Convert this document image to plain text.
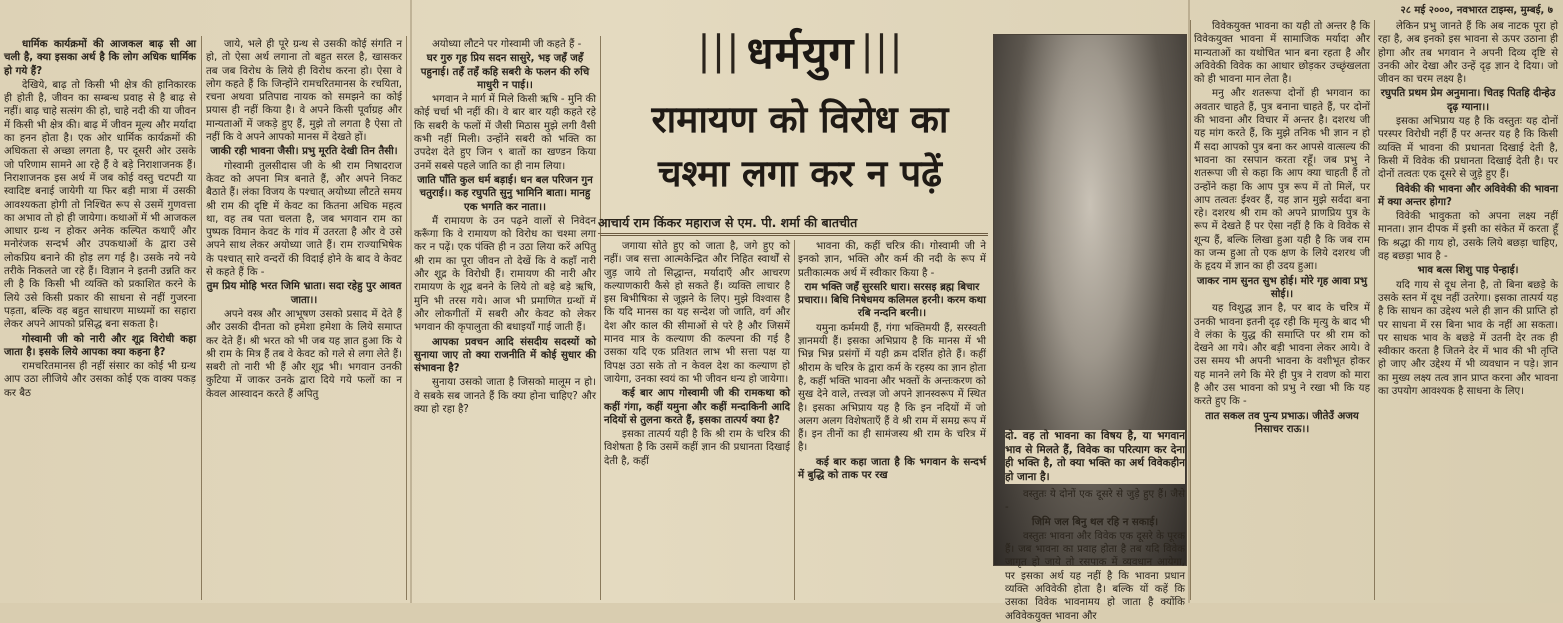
२८ मई २०००, नवभारत टाइम्स, मुम्बई, ७

धार्मिक कार्यक्रमों की आजकल बाढ़ सी आ चली है, क्या इसका अर्थ है कि लोग अधिक धार्मिक हो गये हैं?

देखिये, बाढ़ तो किसी भी क्षेत्र की हानिकारक ही होती है, जीवन का सम्बन्ध प्रवाह से है बाढ़ से नहीं। बाढ़ चाहे सत्संग की हो, चाहे नदी की या जीवन में किसी भी क्षेत्र की। बाढ़ में जीवन मूल्य और मर्यादा का हनन होता है। एक ओर धार्मिक कार्यक्रमों की अधिकता से अच्छा लगता है, पर दूसरी ओर उसके जो परिणाम सामने आ रहे हैं वे बड़े निराशाजनक हैं। निराशाजनक इस अर्थ में जब कोई वस्तु चटपटी या स्वादिष्ट बनाई जायेगी या फिर बड़ी मात्रा में उसकी आवश्यकता होगी तो निश्चित रूप से उसमें गुणवत्ता का अभाव तो हो ही जायेगा। कथाओं में भी आजकल आधार ग्रन्थ न होकर अनेक कल्पित कथाएँ और मनोरंजक सन्दर्भ और उपकथाओं के द्वारा उसे लोकप्रिय बनाने की होड़ लग गई है। उसके नये नये तरीके निकलते जा रहे हैं। विज्ञान ने इतनी उन्नति कर ली है कि किसी भी व्यक्ति को प्रकाशित करने के लिये उसे किसी प्रकार की साधना से नहीं गुजरना पड़ता, बल्कि वह बहुत साधारण माध्यमों का सहारा लेकर अपने आपको प्रसिद्ध बना सकता है।

गोस्वामी जी को नारी और शूद्र विरोधी कहा जाता है। इसके लिये आपका क्या कहना है?

रामचरितमानस ही नहीं संसार का कोई भी ग्रन्थ आप उठा लीजिये और उसका कोई एक वाक्य पकड़ कर बैठ

जाये, भले ही पूरे ग्रन्थ से उसकी कोई संगति न हो, तो ऐसा अर्थ लगाना तो बहुत सरल है, खासकर तब जब विरोध के लिये ही विरोध करना हो। ऐसा वे लोग कहते हैं कि जिन्होंने रामचरितमानस के रचयिता, रचना अथवा प्रतिपाद्य नायक को समझने का कोई प्रयास ही नहीं किया है। वे अपने किसी पूर्वाग्रह और मान्यताओं में जकड़े हुए हैं, मुझे तो लगता है ऐसा तो नहीं कि वे अपने आपको मानस में देखते हों।

जाकी रही भावना जैसी। प्रभु मूरति देखी तिन तैसी।

गोस्वामी तुलसीदास जी के श्री राम निषादराज केवट को अपना मित्र बनाते हैं, और अपने निकट बैठाते हैं। लंका विजय के पश्चात् अयोध्या लौटते समय श्री राम की दृष्टि में केवट का कितना अधिक महत्व था, वह तब पता चलता है, जब भगवान राम का पुष्पक विमान केवट के गांव में उतरता है और वे उसे अपने साथ लेकर अयोध्या जाते हैं। राम राज्याभिषेक के पश्चात् सारे वन्दरों की विदाई होने के बाद वे केवट से कहते हैं कि -

तुम प्रिय मोहि भरत जिमि भ्राता। सदा रहेहु पुर आवत जाता।।

अपने वस्त्र और आभूषण उसको प्रसाद में देते हैं और उसकी दीनता को हमेशा हमेशा के लिये समाप्त कर देते हैं। श्री भरत को भी जब यह ज्ञात हुआ कि ये श्री राम के मित्र हैं तब वे केवट को गले से लगा लेते हैं। सबरी तो नारी भी हैं और शूद्र भी। भगवान उनकी कुटिया में जाकर उनके द्वारा दिये गये फलों का न केवल आस्वादन करते हैं अपितु

अयोध्या लौटने पर गोस्वामी जी कहते हैं -

घर गुरु गृह प्रिय सदन सासुरे, भइ जहँ जहँ पहुनाई। तहँ तहँ कहि सबरी के फलन की रुचि माधुरी न पाई।।

भगवान ने मार्ग में मिले किसी ऋषि - मुनि की कोई चर्चा भी नहीं की। वे बार बार यही कहते रहे कि सबरी के फलों में जैसी मिठास मुझे लगी वैसी कभी नहीं मिली। उन्होंने सबरी को भक्ति का उपदेश देते हुए जिन ९ बातों का खण्डन किया उनमें सबसे पहले जाति का ही नाम लिया।

जाति पाँति कुल धर्म बड़ाई। धन बल परिजन गुन चतुराई।। कह रघुपति सुनु भामिनि बाता। मानहु एक भगति कर नाता।।

मैं रामायण के उन पढ़ने वालों से निवेदन करूँगा कि वे रामायण को विरोध का चश्मा लगा कर न पढ़ें। एक पंक्ति ही न उठा लिया करें अपितु श्री राम का पूरा जीवन तो देखें कि वे कहाँ नारी और शूद्र के विरोधी हैं। रामायण की नारी और रामायण के शूद्र बनने के लिये तो बड़े बड़े ऋषि, मुनि भी तरस गये। आज भी प्रमाणित ग्रन्थों में और लोकगीतों में सबरी और केवट को लेकर भगवान की कृपालुता की बधाइयाँ गाई जाती हैं।

आपका प्रवचन आदि संसदीय सदस्यों को सुनाया जाए तो क्या राजनीति में कोई सुधार की संभावना है?

सुनाया उसको जाता है जिसको मालूम न हो। वे सबके सब जानते हैं कि क्या होना चाहिए? और क्या हो रहा है?

||| धर्मयुग |||
रामायण को विरोध का
चश्मा लगा कर न पढ़ें
आचार्य राम किंकर महाराज से एम. पी. शर्मा की बातचीत

जगाया सोते हुए को जाता है, जगे हुए को नहीं। जब सत्ता आत्मकेन्द्रित और निहित स्वार्थों से जुड़ जाये तो सिद्धान्त, मर्यादाएँ और आचरण कल्याणकारी कैसे हो सकते हैं। व्यक्ति लाचार है इस बिभीषिका से जूझने के लिए। मुझे विश्वास है कि यदि मानस का यह सन्देश जो जाति, वर्ग और देश और काल की सीमाओं से परे है और जिसमें मानव मात्र के कल्याण की कल्पना की गई है उसका यदि एक प्रतिशत लाभ भी सत्ता पक्ष या विपक्ष उठा सके तो न केवल देश का कल्याण हो जायेगा, उनका स्वयं का भी जीवन धन्य हो जायेगा।

कई बार आप गोस्वामी जी की रामकथा को कहीं गंगा, कहीं यमुना और कहीं मन्दाकिनी आदि नदियों से तुलना करते हैं, इसका तात्पर्य क्या है?

इसका तात्पर्य यही है कि श्री राम के चरित्र की विशेषता है कि उसमें कहीं ज्ञान की प्रधानता दिखाई देती है, कहीं

भावना की, कहीं चरित्र की। गोस्वामी जी ने इनको ज्ञान, भक्ति और कर्म की नदी के रूप में प्रतीकात्मक अर्थ में स्वीकार किया है -

राम भक्ति जहँ सुरसरि धारा। सरसइ ब्रह्म बिचार प्रचारा।। बिधि निषेधमय कलिमल हरनी। करम कथा रबि नन्दनि बरनी।।

यमुना कर्ममयी हैं, गंगा भक्तिमयी हैं, सरस्वती ज्ञानमयी हैं। इसका अभिप्राय है कि मानस में भी भिन्न भिन्न प्रसंगों में यही क्रम दर्शित होते हैं। कहीं श्रीराम के चरित्र के द्वारा कर्म के रहस्य का ज्ञान होता है, कहीं भक्ति भावना और भक्तों के अन्तःकरण को सुख देने वाले, तत्त्वज्ञ जो अपने ज्ञानस्वरूप में स्थित है। इसका अभिप्राय यह है कि इन नदियों में जो अलग अलग विशेषताएँ हैं वे श्री राम में समग्र रूप में हैं। इन तीनों का ही सामंजस्य श्री राम के चरित्र में है।

कई बार कहा जाता है कि भगवान के सन्दर्भ में बुद्धि को ताक पर रख

दो. वह तो भावना का विषय है, या भगवान भाव से मिलते हैं, विवेक का परित्याग कर देना ही भक्ति है, तो क्या भक्ति का अर्थ विवेकहीन हो जाना है।

वस्तुतः ये दोनों एक दूसरे से जुड़े हुए हैं। जैसे -

जिमि जल बिनु थल रहि न सकाई।

वस्तुतः भावना और विवेक एक दूसरे के पूरक हैं। जब भावना का प्रवाह होता है तब यदि विवेक जागृत हो जाये तो रसपाक में व्यवधान आयेगा, पर इसका अर्थ यह नहीं है कि भावना प्रधान व्यक्ति अविवेकी होता है। बल्कि यों कहें कि उसका विवेक भावनामय हो जाता है क्योंकि अविवेकयुक्त भावना और

विवेकयुक्त भावना का यही तो अन्तर है कि विवेकयुक्त भावना में सामाजिक मर्यादा और मान्यताओं का यथोचित भान बना रहता है और अविवेकी विवेक का आधार छोड़कर उच्छृंखलता को ही भावना मान लेता है।

मनु और शतरूपा दोनों ही भगवान का अवतार चाहते हैं, पुत्र बनाना चाहते हैं, पर दोनों की भावना और विचार में अन्तर है। दशरथ जी यह मांग करते हैं, कि मुझे तनिक भी ज्ञान न हो मैं सदा आपको पुत्र बना कर आपसे वात्सल्य की भावना का रसपान करता रहूँ। जब प्रभु ने शतरूपा जी से कहा कि आप क्या चाहती हैं तो उन्होंने कहा कि आप पुत्र रूप में तो मिलें, पर आप तत्वतः ईश्वर हैं, यह ज्ञान मुझे सर्वदा बना रहे। दशरथ श्री राम को अपने प्राणप्रिय पुत्र के रूप में देखते हैं पर ऐसा नहीं है कि वे विवेक से शून्य हैं, बल्कि लिखा हुआ यही है कि जब राम का जन्म हुआ तो एक क्षण के लिये दशरथ जी के हृदय में ज्ञान का ही उदय हुआ।

जाकर नाम सुनत सुभ होई। मोरे गृह आवा प्रभु सोई।।

यह विशुद्ध ज्ञान है, पर बाद के चरित्र में उनकी भावना इतनी दृढ़ रही कि मृत्यु के बाद भी वे लंका के युद्ध की समाप्ति पर श्री राम को देखने आ गये। और बड़ी भावना लेकर आये। वे उस समय भी अपनी भावना के वशीभूत होकर यह मानने लगे कि मेरे ही पुत्र ने रावण को मारा है और उस भावना को प्रभु ने रखा भी कि यह करते हुए कि -

तात सकल तव पुन्य प्रभाऊ। जीतेउँ अजय निसाचर राऊ।।

लेकिन प्रभु जानते हैं कि अब नाटक पूरा हो रहा है, अब इनको इस भावना से ऊपर उठाना ही होगा और तब भगवान ने अपनी दिव्य दृष्टि से उनकी ओर देखा और उन्हें दृढ़ ज्ञान दे दिया। जो जीवन का चरम लक्ष्य है।

रघुपति प्रथम प्रेम अनुमाना। चितइ पितहि दीन्हेउ दृढ़ ग्याना।।

इसका अभिप्राय यह है कि वस्तुतः यह दोनों परस्पर विरोधी नहीं हैं पर अन्तर यह है कि किसी व्यक्ति में भावना की प्रधानता दिखाई देती है, किसी में विवेक की प्रधानता दिखाई देती है। पर दोनों तत्वतः एक दूसरे से जुड़े हुए हैं।

विवेकी की भावना और अविवेकी की भावना में क्या अन्तर होगा?

विवेकी भावुकता को अपना लक्ष्य नहीं मानता। ज्ञान दीपक में इसी का संकेत में करता हूँ कि श्रद्धा की गाय हो, उसके लिये बछड़ा चाहिए, वह बछड़ा भाव है -

भाव बत्स शिशु पाइ पेन्हाई।

यदि गाय से दूध लेना है, तो बिना बछड़े के उसके स्तन में दूध नहीं उतरेगा। इसका तात्पर्य यह है कि साधन का उद्देश्य भले ही ज्ञान की प्राप्ति हो पर साधना में रस बिना भाव के नहीं आ सकता। पर साधक भाव के बछड़े में उतनी देर तक ही स्वीकार करता है जितने देर में भाव की भी तृप्ति हो जाए और उद्देश्य में भी व्यवधान न पड़े। ज्ञान का मुख्य लक्ष्य तत्व ज्ञान प्राप्त करना और भावना का उपयोग आवश्यक है साधना के लिए।
